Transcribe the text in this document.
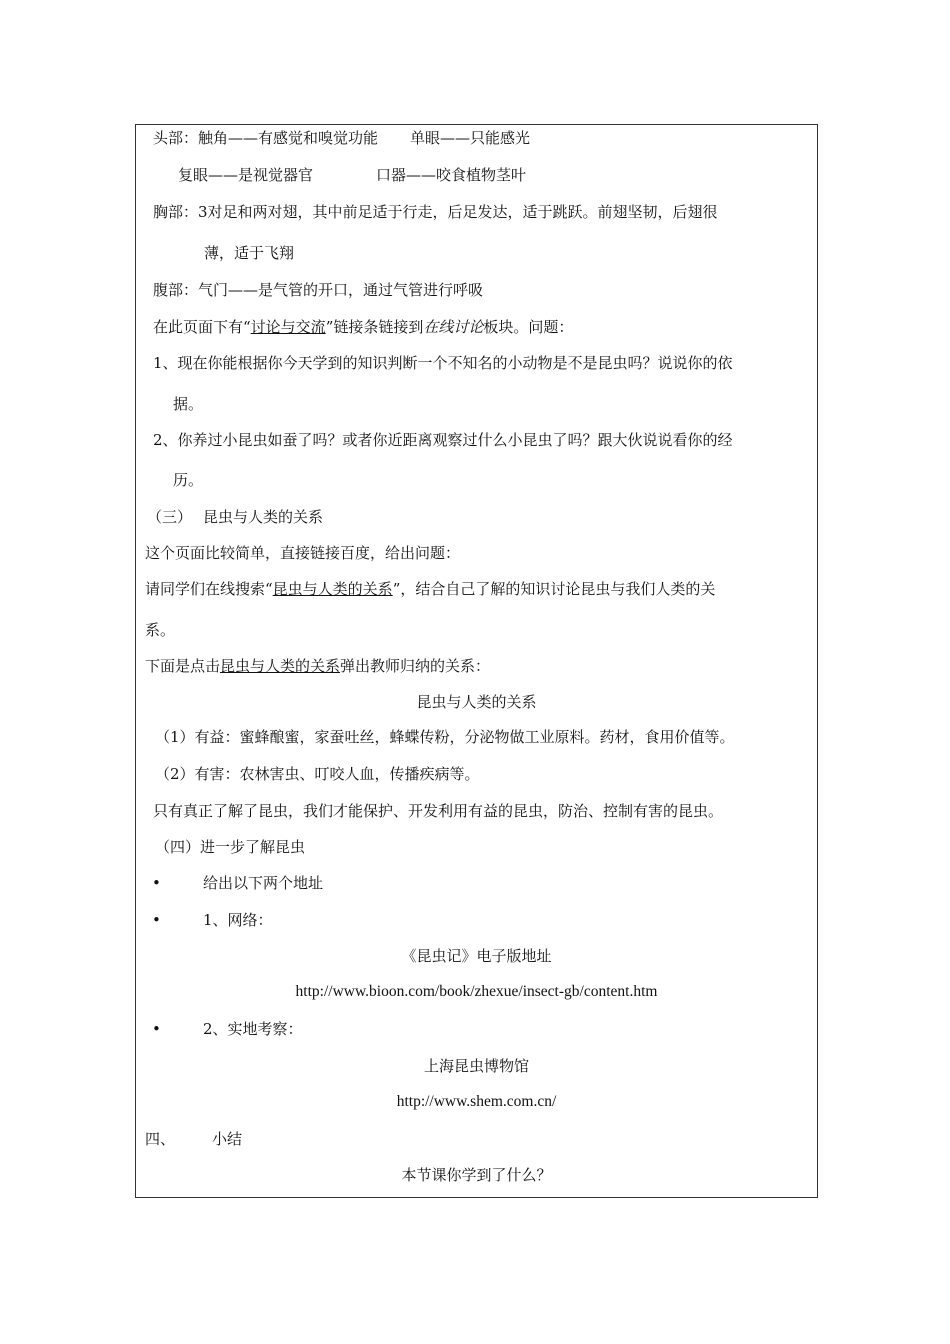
头部：触角——有感觉和嗅觉功能 单眼——只能感光
复眼——是视觉器官	口器——咬食植物茎叶
胸部：3对足和两对翅，其中前足适于行走，后足发达，适于跳跃。前翅坚韧，后翅很
薄，适于飞翔
腹部：气门——是气管的开口，通过气管进行呼吸
在此页面下有“讨论与交流”链接条链接到在线讨论板块。问题：
1、现在你能根据你今天学到的知识判断一个不知名的小动物是不是昆虫吗？说说你的依
据。
2、你养过小昆虫如蚕了吗？或者你近距离观察过什么小昆虫了吗？跟大伙说说看你的经
历。
（三） 昆虫与人类的关系
这个页面比较简单，直接链接百度，给出问题：
请同学们在线搜索“昆虫与人类的关系”，结合自己了解的知识讨论昆虫与我们人类的关
系。
下面是点击昆虫与人类的关系弹出教师归纳的关系：
昆虫与人类的关系
（1）有益：蜜蜂酿蜜，家蚕吐丝，蜂蝶传粉，分泌物做工业原料。药材，食用价值等。
（2）有害：农林害虫、叮咬人血，传播疾病等。
只有真正了解了昆虫，我们才能保护、开发利用有益的昆虫，防治、控制有害的昆虫。
（四）进一步了解昆虫
•	给出以下两个地址
•	1、网络：
《昆虫记》电子版地址
http://www.bioon.com/book/zhexue/insect-gb/content.htm
•	2、实地考察：
上海昆虫博物馆
http://www.shem.com.cn/
四、 小结
本节课你学到了什么？
